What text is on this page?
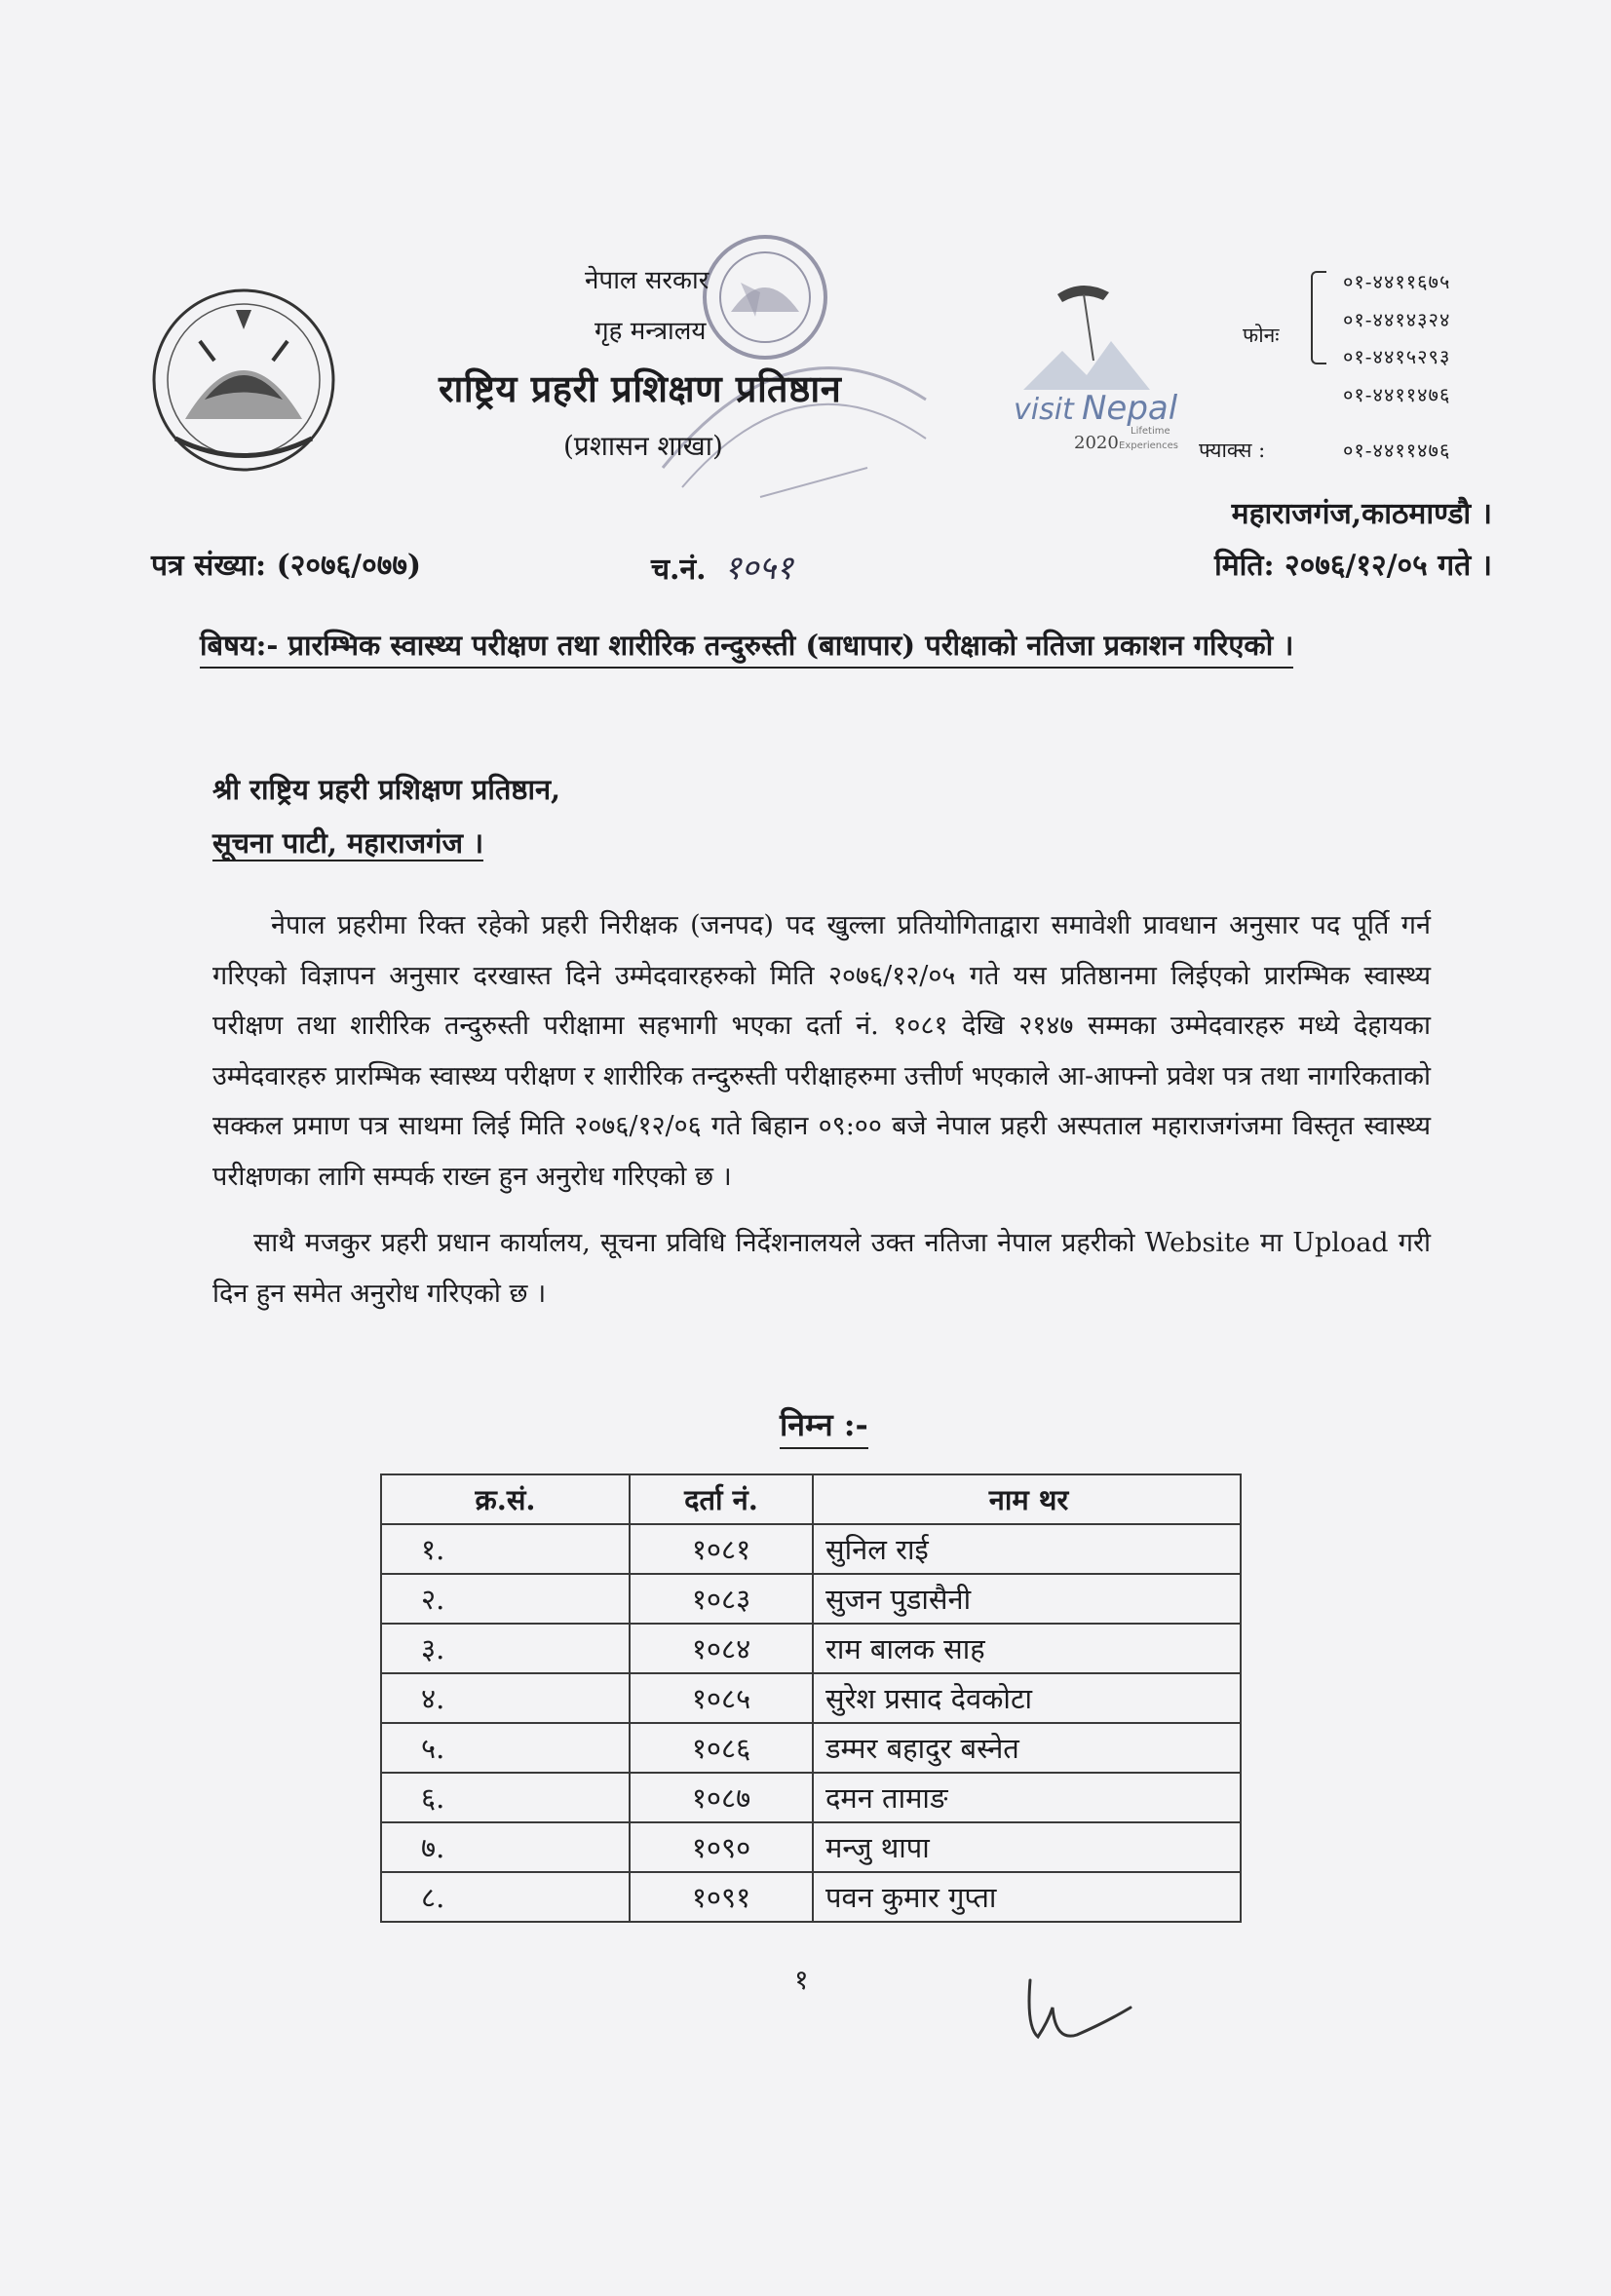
नेपाल सरकार
गृह मन्त्रालय
राष्ट्रिय प्रहरी प्रशिक्षण प्रतिष्ठान
(प्रशासन शाखा)
visit Nepal
2020
Lifetime
Experiences
फोनः
०१-४४११६७५
०१-४४१४३२४
०१-४४१५२९३
०१-४४११४७६
फ्याक्स :	०१-४४११४७६
महाराजगंज,काठमाण्डौ ।
पत्र संख्या: (२०७६/०७७)	च.नं. १०५१	मिति: २०७६/१२/०५ गते ।
बिषय:- प्रारम्भिक स्वास्थ्य परीक्षण तथा शारीरिक तन्दुरुस्ती (बाधापार) परीक्षाको नतिजा प्रकाशन गरिएको ।
श्री राष्ट्रिय प्रहरी प्रशिक्षण प्रतिष्ठान,
सूचना पाटी, महाराजगंज ।
नेपाल प्रहरीमा रिक्त रहेको प्रहरी निरीक्षक (जनपद) पद खुल्ला प्रतियोगिताद्वारा समावेशी प्रावधान अनुसार पद पूर्ति गर्न गरिएको विज्ञापन अनुसार दरखास्त दिने उम्मेदवारहरुको मिति २०७६/१२/०५ गते यस प्रतिष्ठानमा लिईएको प्रारम्भिक स्वास्थ्य परीक्षण तथा शारीरिक तन्दुरुस्ती परीक्षामा सहभागी भएका दर्ता नं. १०८१ देखि २१४७ सम्मका उम्मेदवारहरु मध्ये देहायका उम्मेदवारहरु प्रारम्भिक स्वास्थ्य परीक्षण र शारीरिक तन्दुरुस्ती परीक्षाहरुमा उत्तीर्ण भएकाले आ-आफ्नो प्रवेश पत्र तथा नागरिकताको सक्कल प्रमाण पत्र साथमा लिई मिति २०७६/१२/०६ गते बिहान ०९:०० बजे नेपाल प्रहरी अस्पताल महाराजगंजमा विस्तृत स्वास्थ्य परीक्षणका लागि सम्पर्क राख्न हुन अनुरोध गरिएको छ ।
साथै मजकुर प्रहरी प्रधान कार्यालय, सूचना प्रविधि निर्देशनालयले उक्त नतिजा नेपाल प्रहरीको Website मा Upload गरी दिन हुन समेत अनुरोध गरिएको छ ।
निम्न :-
क्र.सं.	दर्ता नं.	नाम थर
१.	१०८१	सुनिल राई
२.	१०८३	सुजन पुडासैनी
३.	१०८४	राम बालक साह
४.	१०८५	सुरेश प्रसाद देवकोटा
५.	१०८६	डम्मर बहादुर बस्नेत
६.	१०८७	दमन तामाङ
७.	१०९०	मन्जु थापा
८.	१०९१	पवन कुमार गुप्ता
१
